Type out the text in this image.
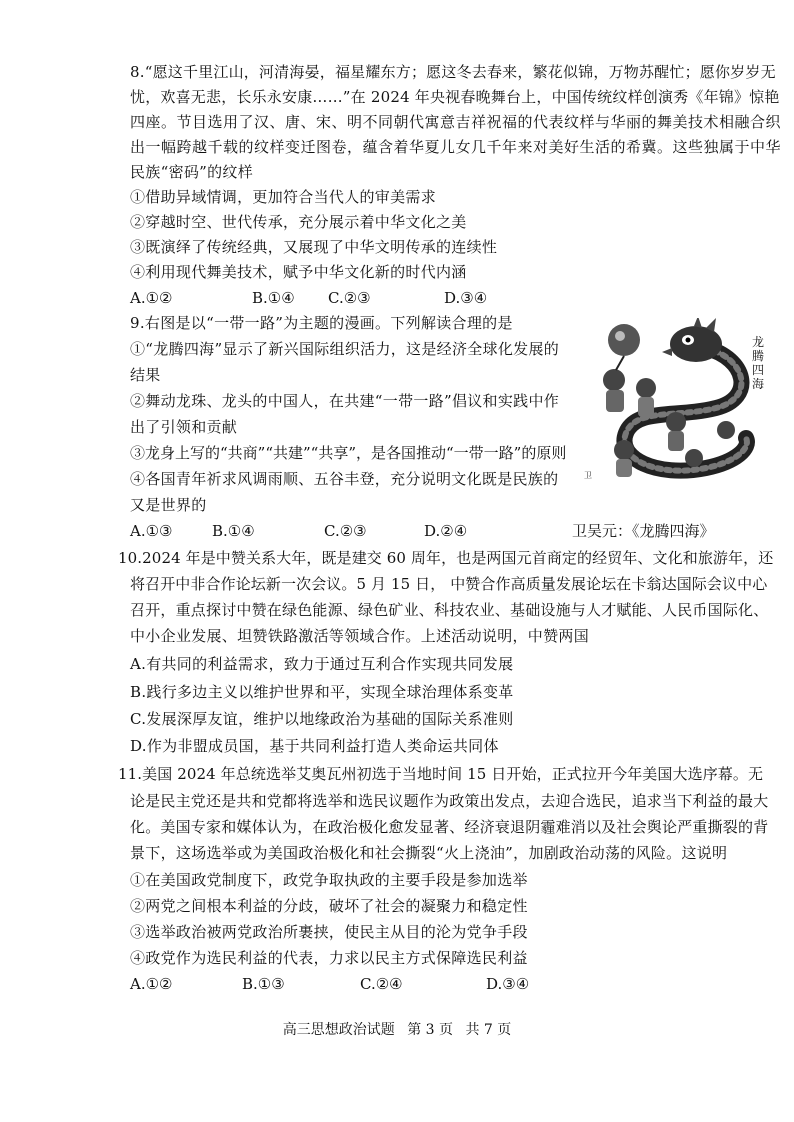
8.“愿这千里江山，河清海晏，福星耀东方；愿这冬去春来，繁花似锦，万物苏醒忙；愿你岁岁无
忧，欢喜无悲，长乐永安康……”在 2024 年央视春晚舞台上，中国传统纹样创演秀《年锦》惊艳
四座。节目选用了汉、唐、宋、明不同朝代寓意吉祥祝福的代表纹样与华丽的舞美技术相融合织
出一幅跨越千载的纹样变迁图卷，蕴含着华夏儿女几千年来对美好生活的希冀。这些独属于中华
民族“密码”的纹样
①借助异域情调，更加符合当代人的审美需求
②穿越时空、世代传承，充分展示着中华文化之美
③既演绎了传统经典，又展现了中华文明传承的连续性
④利用现代舞美技术，赋予中华文化新的时代内涵
A.①②	B.①④ C.②③	D.③④
9.右图是以“一带一路”为主题的漫画。下列解读合理的是
①“龙腾四海”显示了新兴国际组织活力，这是经济全球化发展的
结果
②舞动龙珠、龙头的中国人，在共建“一带一路”倡议和实践中作
出了引领和贡献
③龙身上写的“共商”“共建”“共享”，是各国推动“一带一路”的原则
④各国青年祈求风调雨顺、五谷丰登，充分说明文化既是民族的
又是世界的
龙
腾
四
海
卫
A.①③	B.①④	C.②③	D.②④	卫吴元：《龙腾四海》
10.2024 年是中赞关系大年，既是建交 60 周年，也是两国元首商定的经贸年、文化和旅游年，还
将召开中非合作论坛新一次会议。5 月 15 日， 中赞合作高质量发展论坛在卡翁达国际会议中心
召开，重点探讨中赞在绿色能源、绿色矿业、科技农业、基础设施与人才赋能、人民币国际化、
中小企业发展、坦赞铁路激活等领域合作。上述活动说明，中赞两国
A.有共同的利益需求，致力于通过互利合作实现共同发展
B.践行多边主义以维护世界和平，实现全球治理体系变革
C.发展深厚友谊，维护以地缘政治为基础的国际关系准则
D.作为非盟成员国，基于共同利益打造人类命运共同体
11.美国 2024 年总统选举艾奥瓦州初选于当地时间 15 日开始，正式拉开今年美国大选序幕。无
论是民主党还是共和党都将选举和选民议题作为政策出发点，去迎合选民，追求当下利益的最大
化。美国专家和媒体认为，在政治极化愈发显著、经济衰退阴霾难消以及社会舆论严重撕裂的背
景下，这场选举或为美国政治极化和社会撕裂“火上浇油”，加剧政治动荡的风险。这说明
①在美国政党制度下，政党争取执政的主要手段是参加选举
②两党之间根本利益的分歧，破坏了社会的凝聚力和稳定性
③选举政治被两党政治所裹挟，使民主从目的沦为党争手段
④政党作为选民利益的代表，力求以民主方式保障选民利益
A.①②	B.①③	C.②④	D.③④
高三思想政治试题 第 3 页 共 7 页
